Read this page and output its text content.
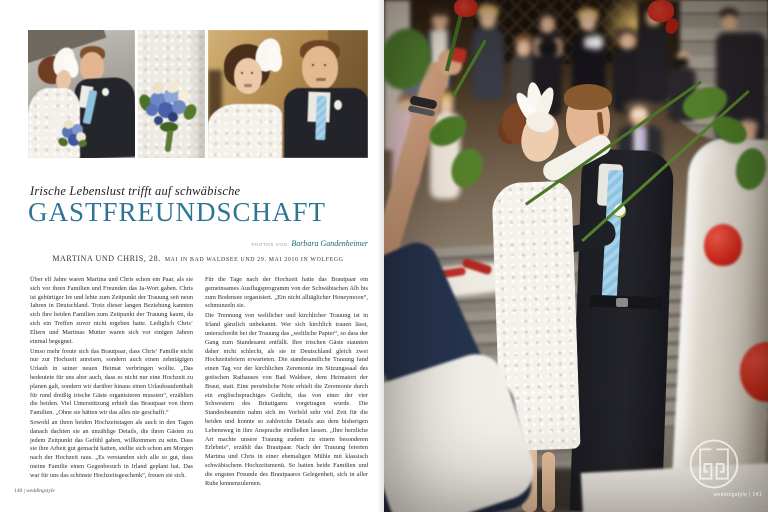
Irische Lebenslust trifft auf schwäbische
GASTFREUNDSCHAFT
PHOTOS VON Barbara Gandenheimer
MARTINA UND CHRIS, 28. MAI IN BAD WALDSEE UND 29. MAI 2010 IN WOLFEGG

Über elf Jahre waren Martina und Chris schon ein Paar, als sie sich vor ihren Familien und Freunden das Ja-Wort gaben. Chris ist gebürtiger Ire und lebte zum Zeitpunkt der Trauung seit neun Jahren in Deutschland. Trotz dieser langen Beziehung kannten sich ihre beiden Familien zum Zeitpunkt der Trauung kaum, da sich ein Treffen zuvor nicht ergeben hatte. Lediglich Chris’ Eltern und Martinas Mutter waren sich vor einigen Jahren einmal begegnet.

Umso mehr freute sich das Brautpaar, dass Chris’ Familie nicht nur zur Hochzeit anreisen, sondern auch einen zehntägigen Urlaub in seiner neuen Heimat verbringen wollte. „Das bedeutete für uns aber auch, dass es nicht nur eine Hochzeit zu planen galt, sondern wir darüber hinaus einen Urlaubsaufenthalt für rund dreißig irische Gäste organisieren mussten“, erzählten die beiden. Viel Unterstützung erhielt das Brautpaar von ihren Familien. „Ohne sie hätten wir das alles nie geschafft.“

Sowohl an ihren beiden Hochzeitstagen als auch in den Tagen danach dachten sie an unzählige Details, die ihren Gästen zu jedem Zeitpunkt das Gefühl gaben, willkommen zu sein. Dass sie ihre Arbeit gut gemacht hatten, stellte sich schon am Morgen nach der Hochzeit raus. „Es verstanden sich alle so gut, dass meine Familie einen Gegenbesuch in Irland geplant hat. Das war für uns das schönste Hochzeitsgeschenk“, freuen sie sich.

Für die Tage nach der Hochzeit hatte das Brautpaar ein gemeinsames Ausflugsprogramm von der Schwäbischen Alb bis zum Bodensee organisiert. „Ein nicht alltäglicher Honeymoon“, schmunzeln sie.

Die Trennung von weltlicher und kirchlicher Trauung ist in Irland gänzlich unbekannt. Wer sich kirchlich trauen lässt, unterschreibt bei der Trauung das „weltliche Papier“, so dass der Gang zum Standesamt entfällt. Ihre irischen Gäste staunten daher nicht schlecht, als sie in Deutschland gleich zwei Hochzeitsfeiern erwarteten. Die standesamtliche Trauung fand einen Tag vor der kirchlichen Zeremonie im Sitzungssaal des gotischen Rathauses von Bad Waldsee, dem Heimatort der Braut, statt. Eine persönliche Note erhielt die Zeremonie durch ein englischsprachiges Gedicht, das von einer der vier Schwestern des Bräutigams vorgetragen wurde. Die Standesbeamtin nahm sich im Vorfeld sehr viel Zeit für die beiden und konnte so zahlreiche Details aus dem bisherigen Lebensweg in ihre Ansprache einfließen lassen. „Ihre herzliche Art machte unsere Trauung zudem zu einem besonderen Erlebnis“, erzählt das Brautpaar. Nach der Trauung feierten Martina und Chris in einer ehemaligen Mühle mit klassisch schwäbischem Hochzeitsmenü. So hatten beide Familien und die engsten Freunde des Brautpaares Gelegenheit, sich in aller Ruhe kennenzulernen.

140 | weddingstyle
weddingstyle | 141
